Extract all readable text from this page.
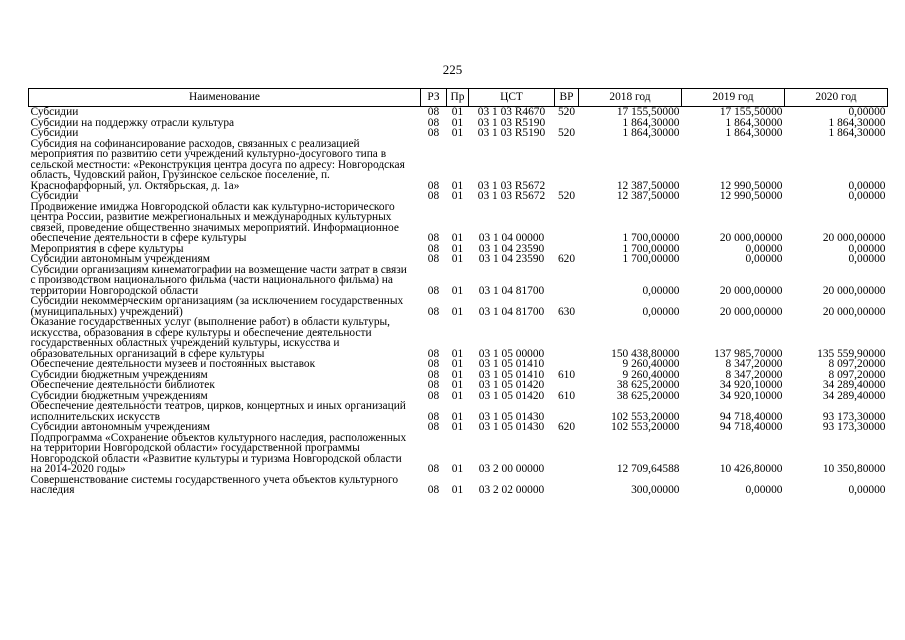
225
Наименование	РЗ	Пр	ЦСТ	ВР	2018 год	2019 год	2020 год
Субсидии	08	01	03 1 03 R4670	520	17 155,50000	17 155,50000	0,00000
Субсидии на поддержку отрасли культура	08	01	03 1 03 R5190		1 864,30000	1 864,30000	1 864,30000
Субсидии	08	01	03 1 03 R5190	520	1 864,30000	1 864,30000	1 864,30000
Субсидия на софинансирование расходов, связанных с реализацией мероприятия по развитию сети учреждений культурно-досугового типа в сельской местности: «Реконструкция центра досуга по адресу: Новгородская область, Чудовский район, Грузинское сельское поселение, п. Краснофарфорный, ул. Октябрьская, д. 1а»	08	01	03 1 03 R5672		12 387,50000	12 990,50000	0,00000
Субсидии	08	01	03 1 03 R5672	520	12 387,50000	12 990,50000	0,00000
Продвижение имиджа Новгородской области как культурно-исторического центра России, развитие межрегиональных и международных культурных связей, проведение общественно значимых мероприятий. Информационное обеспечение деятельности в сфере культуры	08	01	03 1 04 00000		1 700,00000	20 000,00000	20 000,00000
Мероприятия в сфере культуры	08	01	03 1 04 23590		1 700,00000	0,00000	0,00000
Субсидии автономным учреждениям	08	01	03 1 04 23590	620	1 700,00000	0,00000	0,00000
Субсидии организациям кинематографии на возмещение части затрат в связи с производством национального фильма (части национального фильма) на территории Новгородской области	08	01	03 1 04 81700		0,00000	20 000,00000	20 000,00000
Субсидии некоммерческим организациям (за исключением государственных (муниципальных) учреждений)	08	01	03 1 04 81700	630	0,00000	20 000,00000	20 000,00000
Оказание государственных услуг (выполнение работ) в области культуры, искусства, образования в сфере культуры и обеспечение деятельности государственных областных учреждений культуры, искусства и образовательных организаций в сфере культуры	08	01	03 1 05 00000		150 438,80000	137 985,70000	135 559,90000
Обеспечение деятельности музеев и постоянных выставок	08	01	03 1 05 01410		9 260,40000	8 347,20000	8 097,20000
Субсидии бюджетным учреждениям	08	01	03 1 05 01410	610	9 260,40000	8 347,20000	8 097,20000
Обеспечение деятельности библиотек	08	01	03 1 05 01420		38 625,20000	34 920,10000	34 289,40000
Субсидии бюджетным учреждениям	08	01	03 1 05 01420	610	38 625,20000	34 920,10000	34 289,40000
Обеспечение деятельности театров, цирков, концертных и иных организаций исполнительских искусств	08	01	03 1 05 01430		102 553,20000	94 718,40000	93 173,30000
Субсидии автономным учреждениям	08	01	03 1 05 01430	620	102 553,20000	94 718,40000	93 173,30000
Подпрограмма «Сохранение объектов культурного наследия, расположенных на территории Новгородской области» государственной программы Новгородской области «Развитие культуры и туризма Новгородской области на 2014-2020 годы»	08	01	03 2 00 00000		12 709,64588	10 426,80000	10 350,80000
Совершенствование системы государственного учета объектов культурного наследия	08	01	03 2 02 00000		300,00000	0,00000	0,00000
